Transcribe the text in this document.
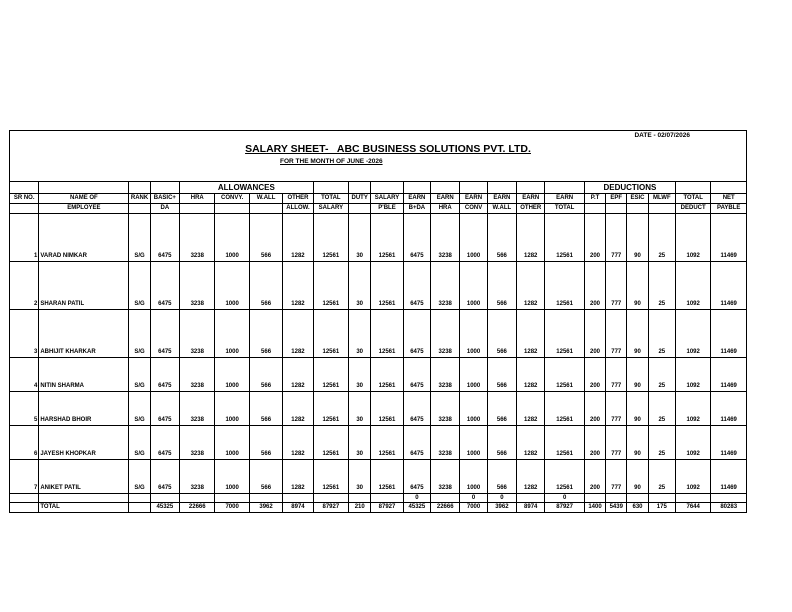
DATE - 02/07/2026
SALARY SHEET-   ABC BUSINESS SOLUTIONS PVT. LTD.
FOR THE MONTH OF JUNE -2026
				ALLOWANCES													DEDUCTIONS					
SR NO.	NAME OF	RANK	BASIC+	HRA	CONVY.	W.ALL	OTHER	TOTAL	DUTY	SALARY	EARN	EARN	EARN	EARN	EARN	EARN	P.T	EPF	ESIC	MLWF	TOTAL	NET
	EMPLOYEE		DA				ALLOW.	SALARY		P'BLE	B+DA	HRA	CONV	W.ALL	OTHER	TOTAL					DEDUCT	PAYBLE
1	VARAD NIMKAR	S/G	6475	3238	1000	566	1282	12561	30	12561	6475	3238	1000	566	1282	12561	200	777	90	25	1092	11469
2	SHARAN PATIL	S/G	6475	3238	1000	566	1282	12561	30	12561	6475	3238	1000	566	1282	12561	200	777	90	25	1092	11469
3	ABHIJIT KHARKAR	S/G	6475	3238	1000	566	1282	12561	30	12561	6475	3238	1000	566	1282	12561	200	777	90	25	1092	11469
4	NITIN SHARMA	S/G	6475	3238	1000	566	1282	12561	30	12561	6475	3238	1000	566	1282	12561	200	777	90	25	1092	11469
5	HARSHAD BHOIR	S/G	6475	3238	1000	566	1282	12561	30	12561	6475	3238	1000	566	1282	12561	200	777	90	25	1092	11469
6	JAYESH KHOPKAR	S/G	6475	3238	1000	566	1282	12561	30	12561	6475	3238	1000	566	1282	12561	200	777	90	25	1092	11469
7	ANIKET PATIL	S/G	6475	3238	1000	566	1282	12561	30	12561	6475	3238	1000	566	1282	12561	200	777	90	25	1092	11469
											0		0	0		0						
	TOTAL		45325	22666	7000	3962	8974	87927	210	87927	45325	22666	7000	3962	8974	87927	1400	5439	630	175	7644	80283
